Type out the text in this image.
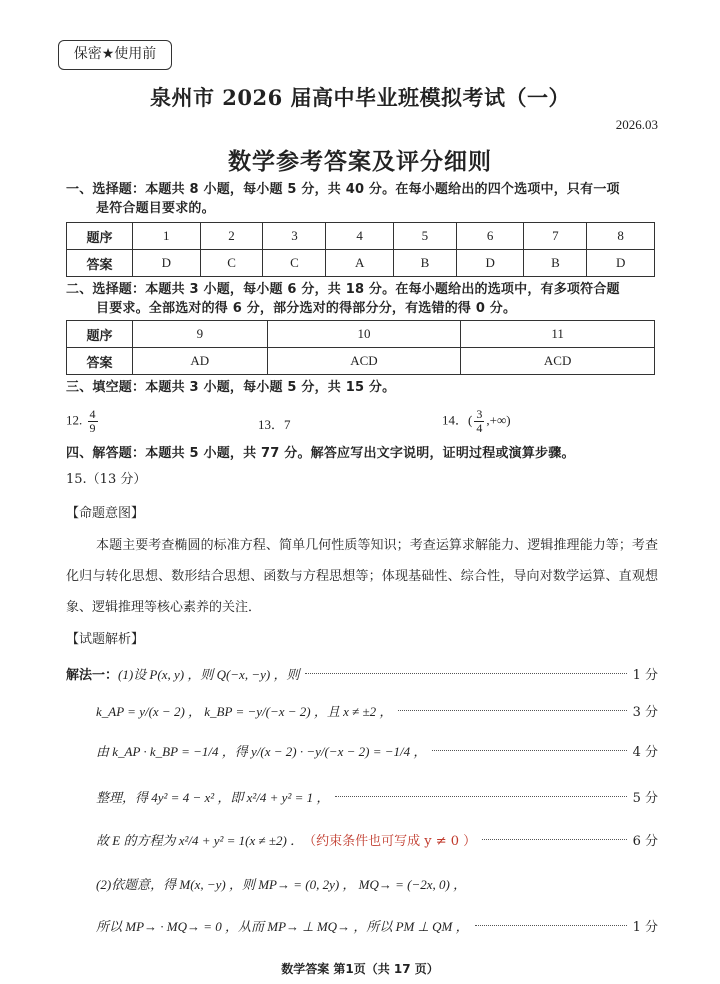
保密★使用前
泉州市 2026 届高中毕业班模拟考试（一）
2026.03
数学参考答案及评分细则
一、选择题：本题共 8 小题，每小题 5 分，共 40 分。在每小题给出的四个选项中，只有一项
是符合题目要求的。
题序	1	2	3	4	5	6	7	8
答案	D	C	C	A	B	D	B	D
二、选择题：本题共 3 小题，每小题 6 分，共 18 分。在每小题给出的选项中，有多项符合题
目要求。全部选对的得 6 分，部分选对的得部分分，有选错的得 0 分。
题序	9	10	11
答案	AD	ACD	ACD
三、填空题：本题共 3 小题，每小题 5 分，共 15 分。
12. $\frac{4}{9}$	13．7	14．( $\frac{3}{4}$ ,+∞)
四、解答题：本题共 5 小题，共 77 分。解答应写出文字说明，证明过程或演算步骤。
15.（13 分）
【命题意图】
本题主要考查椭圆的标准方程、简单几何性质等知识；考查运算求解能力、逻辑推理能力等；考查化归与转化思想、数形结合思想、函数与方程思想等；体现基础性、综合性，导向对数学运算、直观想象、逻辑推理等核心素养的关注．
【试题解析】
解法一： (1)设 P(x, y) ，则 Q(−x, −y) ，则	1 分
k_AP = y/(x − 2) ， k_BP = −y/(−x − 2) ，且 x ≠ ±2 ，	3 分
由 k_AP · k_BP = −1/4 ，得 y/(x − 2) · −y/(−x − 2) = −1/4 ，	4 分
整理，得 4y² = 4 − x² ，即 x²/4 + y² = 1 ，	5 分
故 E 的方程为 x²/4 + y² = 1(x ≠ ±2) ． （约束条件也可写成 y ≠ 0 ）	6 分
(2)依题意，得 M(x, −y) ，则 MP→ = (0, 2y) ， MQ→ = (−2x, 0) ，
所以 MP→ · MQ→ = 0 ，从而 MP→ ⊥ MQ→ ，所以 PM ⊥ QM ，	1 分
数学答案 第1页（共 17 页）
